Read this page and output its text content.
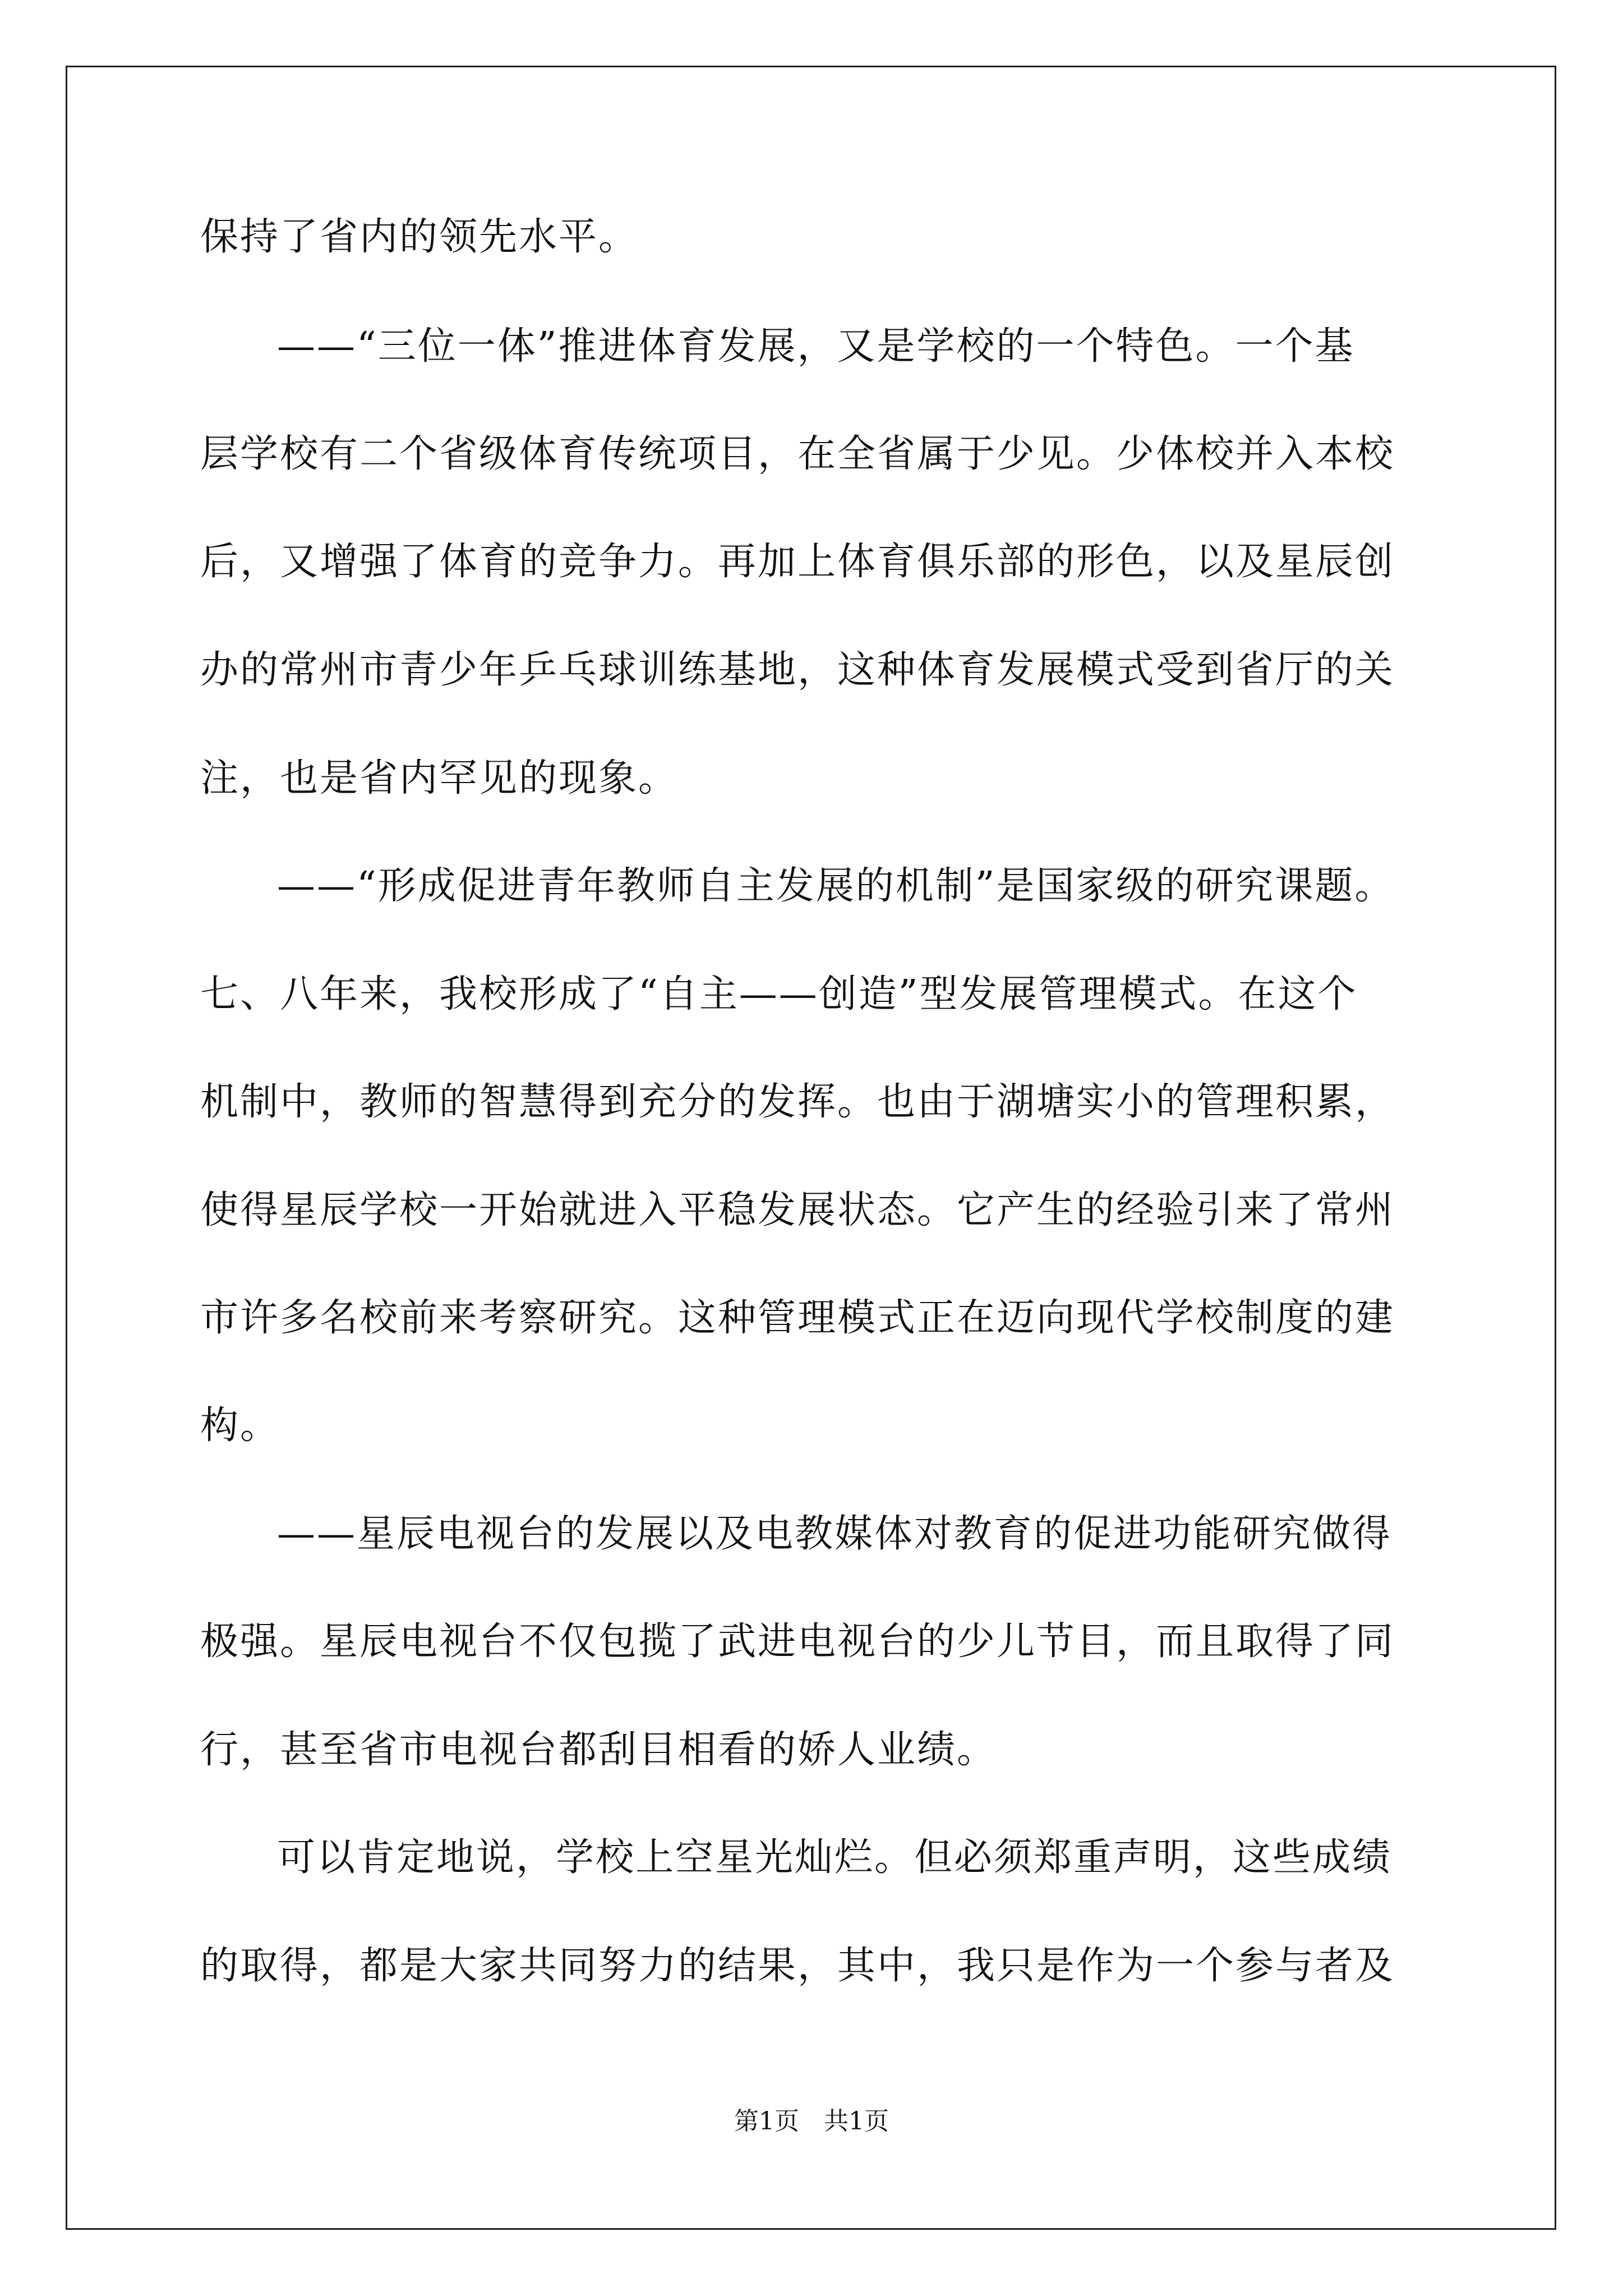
保持了省内的领先水平。

——“三位一体”推进体育发展，又是学校的一个特色。一个基

层学校有二个省级体育传统项目，在全省属于少见。少体校并入本校

后，又增强了体育的竞争力。再加上体育俱乐部的形色，以及星辰创

办的常州市青少年乒乓球训练基地，这种体育发展模式受到省厅的关

注，也是省内罕见的现象。

——“形成促进青年教师自主发展的机制”是国家级的研究课题。

七、八年来，我校形成了“自主——创造”型发展管理模式。在这个

机制中，教师的智慧得到充分的发挥。也由于湖塘实小的管理积累，

使得星辰学校一开始就进入平稳发展状态。它产生的经验引来了常州

市许多名校前来考察研究。这种管理模式正在迈向现代学校制度的建

构。

——星辰电视台的发展以及电教媒体对教育的促进功能研究做得

极强。星辰电视台不仅包揽了武进电视台的少儿节目，而且取得了同

行，甚至省市电视台都刮目相看的娇人业绩。

可以肯定地说，学校上空星光灿烂。但必须郑重声明，这些成绩

的取得，都是大家共同努力的结果，其中，我只是作为一个参与者及

第1页　共1页
